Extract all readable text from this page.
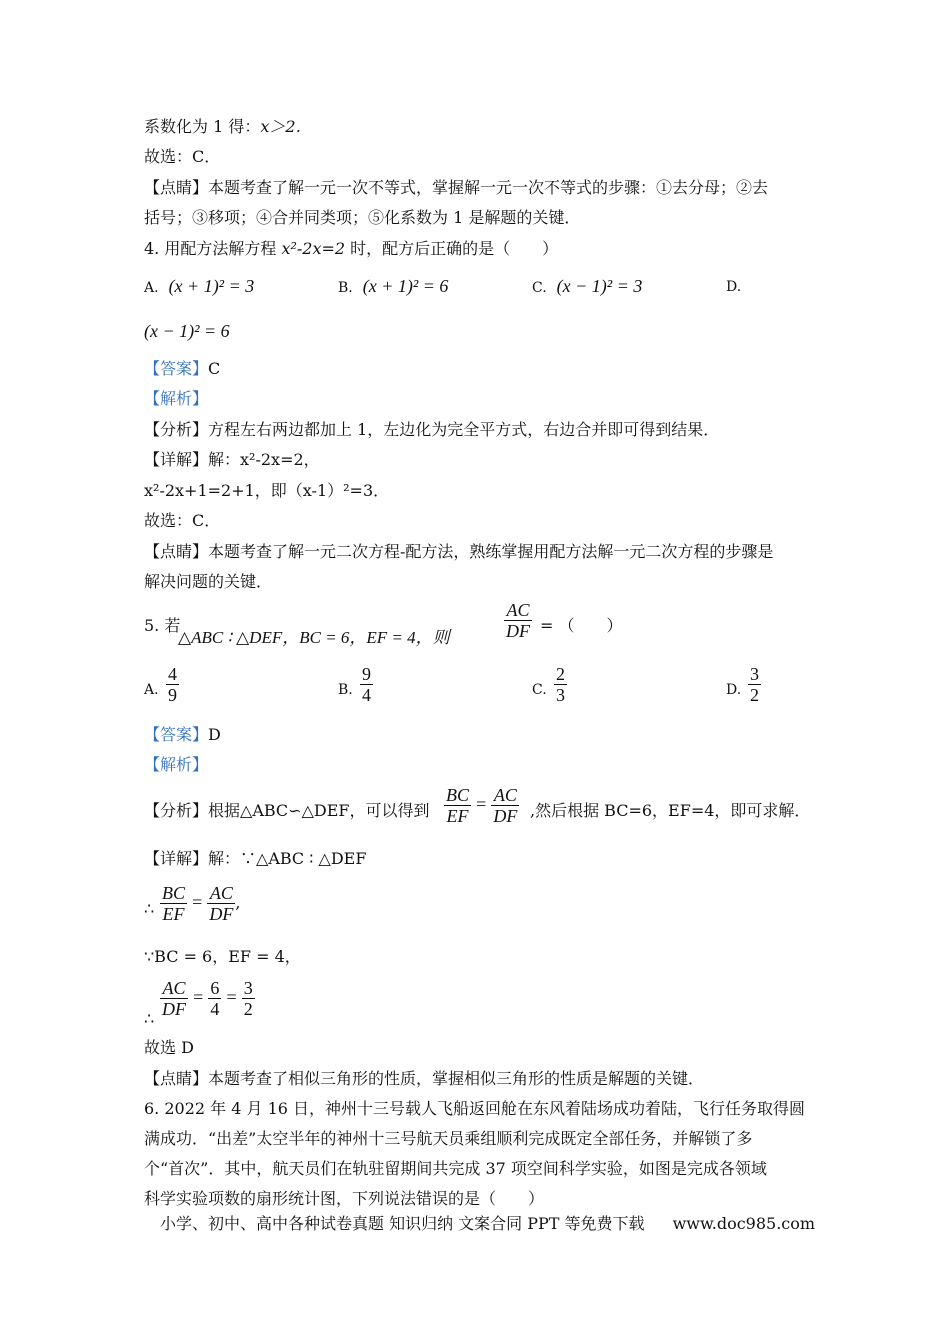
系数化为 1 得：x＞2．
故选：C．
【点睛】本题考查了解一元一次不等式，掌握解一元一次不等式的步骤：①去分母；②去
括号；③移项；④合并同类项；⑤化系数为 1 是解题的关键．
4. 用配方法解方程 x²-2x=2 时，配方后正确的是（　　）
A. (x + 1)² = 3	B. (x + 1)² = 6	C. (x − 1)² = 3	D.
(x − 1)² = 6
【答案】C
【解析】
【分析】方程左右两边都加上 1，左边化为完全平方式，右边合并即可得到结果．
【详解】解：x²-2x=2，
x²-2x+1=2+1，即（x-1）²=3．
故选：C．
【点睛】本题考查了解一元二次方程-配方法，熟练掌握用配方法解一元二次方程的步骤是
解决问题的关键．
5. 若
△ABC ∶ △DEF，BC = 6，EF = 4，则	$\frac{AC}{DF}$ = （　　）
A. $\frac{4}{9}$	B. $\frac{9}{4}$	C. $\frac{2}{3}$	D. $\frac{3}{2}$
【答案】D
【解析】
【分析】根据△ABC∽△DEF，可以得到 $\frac{BC}{EF} = \frac{AC}{DF}$ ,然后根据 BC=6，EF=4，即可求解．
【详解】解：∵△ABC ∶ △DEF
∴ $\frac{BC}{EF} = \frac{AC}{DF}$ ,
∵BC = 6，EF = 4，
∴ $\frac{AC}{DF} = \frac{6}{4} = \frac{3}{2}$
故选 D
【点睛】本题考查了相似三角形的性质，掌握相似三角形的性质是解题的关键．
6. 2022 年 4 月 16 日，神州十三号载人飞船返回舱在东风着陆场成功着陆，飞行任务取得圆
满成功．“出差”太空半年的神州十三号航天员乘组顺利完成既定全部任务，并解锁了多
个“首次”．其中，航天员们在轨驻留期间共完成 37 项空间科学实验，如图是完成各领域
科学实验项数的扇形统计图，下列说法错误的是（　　）
小学、初中、高中各种试卷真题 知识归纳 文案合同 PPT 等免费下载 www.doc985.com
